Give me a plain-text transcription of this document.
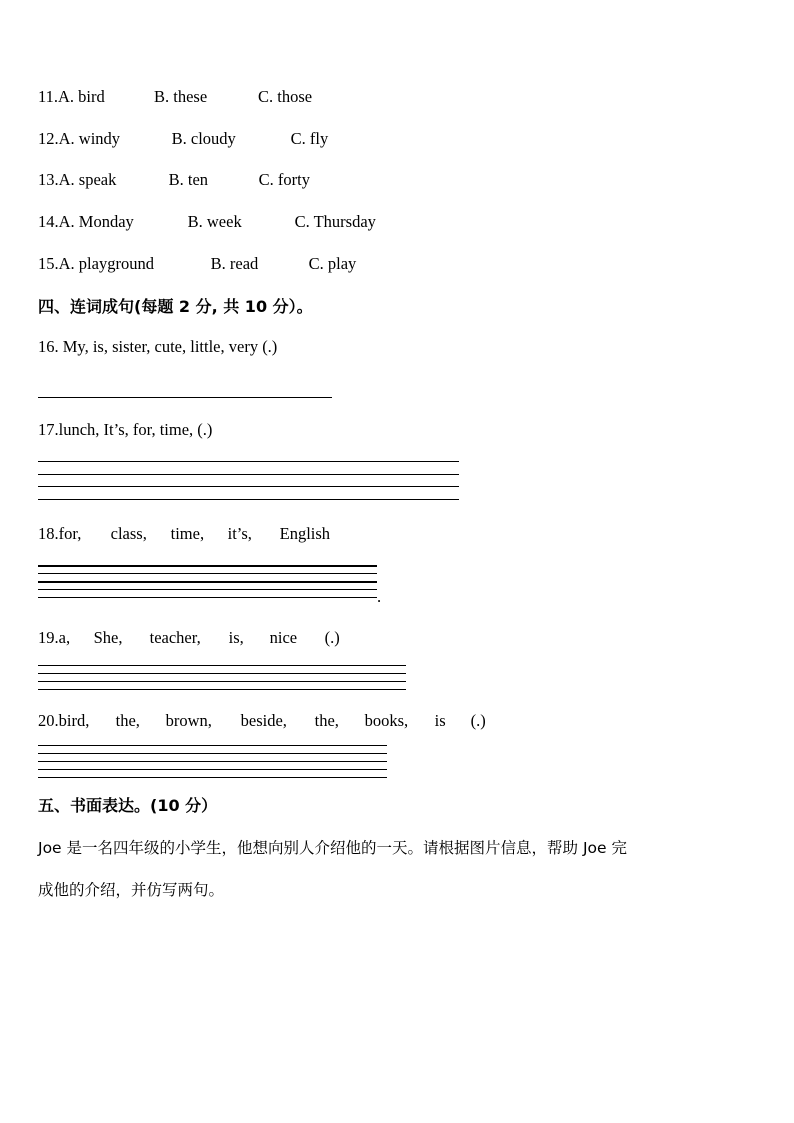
11.A. bird	B. these	C. those
12.A. windy	B. cloudy	C. fly
13.A. speak	B. ten	C. forty
14.A. Monday	B. week	C. Thursday
15.A. playground	B. read	C. play
四、连词成句(每题 2 分, 共 10 分）。
16. My, is, sister, cute, little, very (.)
17.lunch, It’s, for, time, (.)
18.for, class, time, it’s, English
.
19.a, She, teacher, is, nice (.)
20.bird, the, brown, beside, the, books, is (.)
五、书面表达。(10 分）
Joe 是一名四年级的小学生，他想向别人介绍他的一天。请根据图片信息，帮助 Joe 完
成他的介绍，并仿写两句。
